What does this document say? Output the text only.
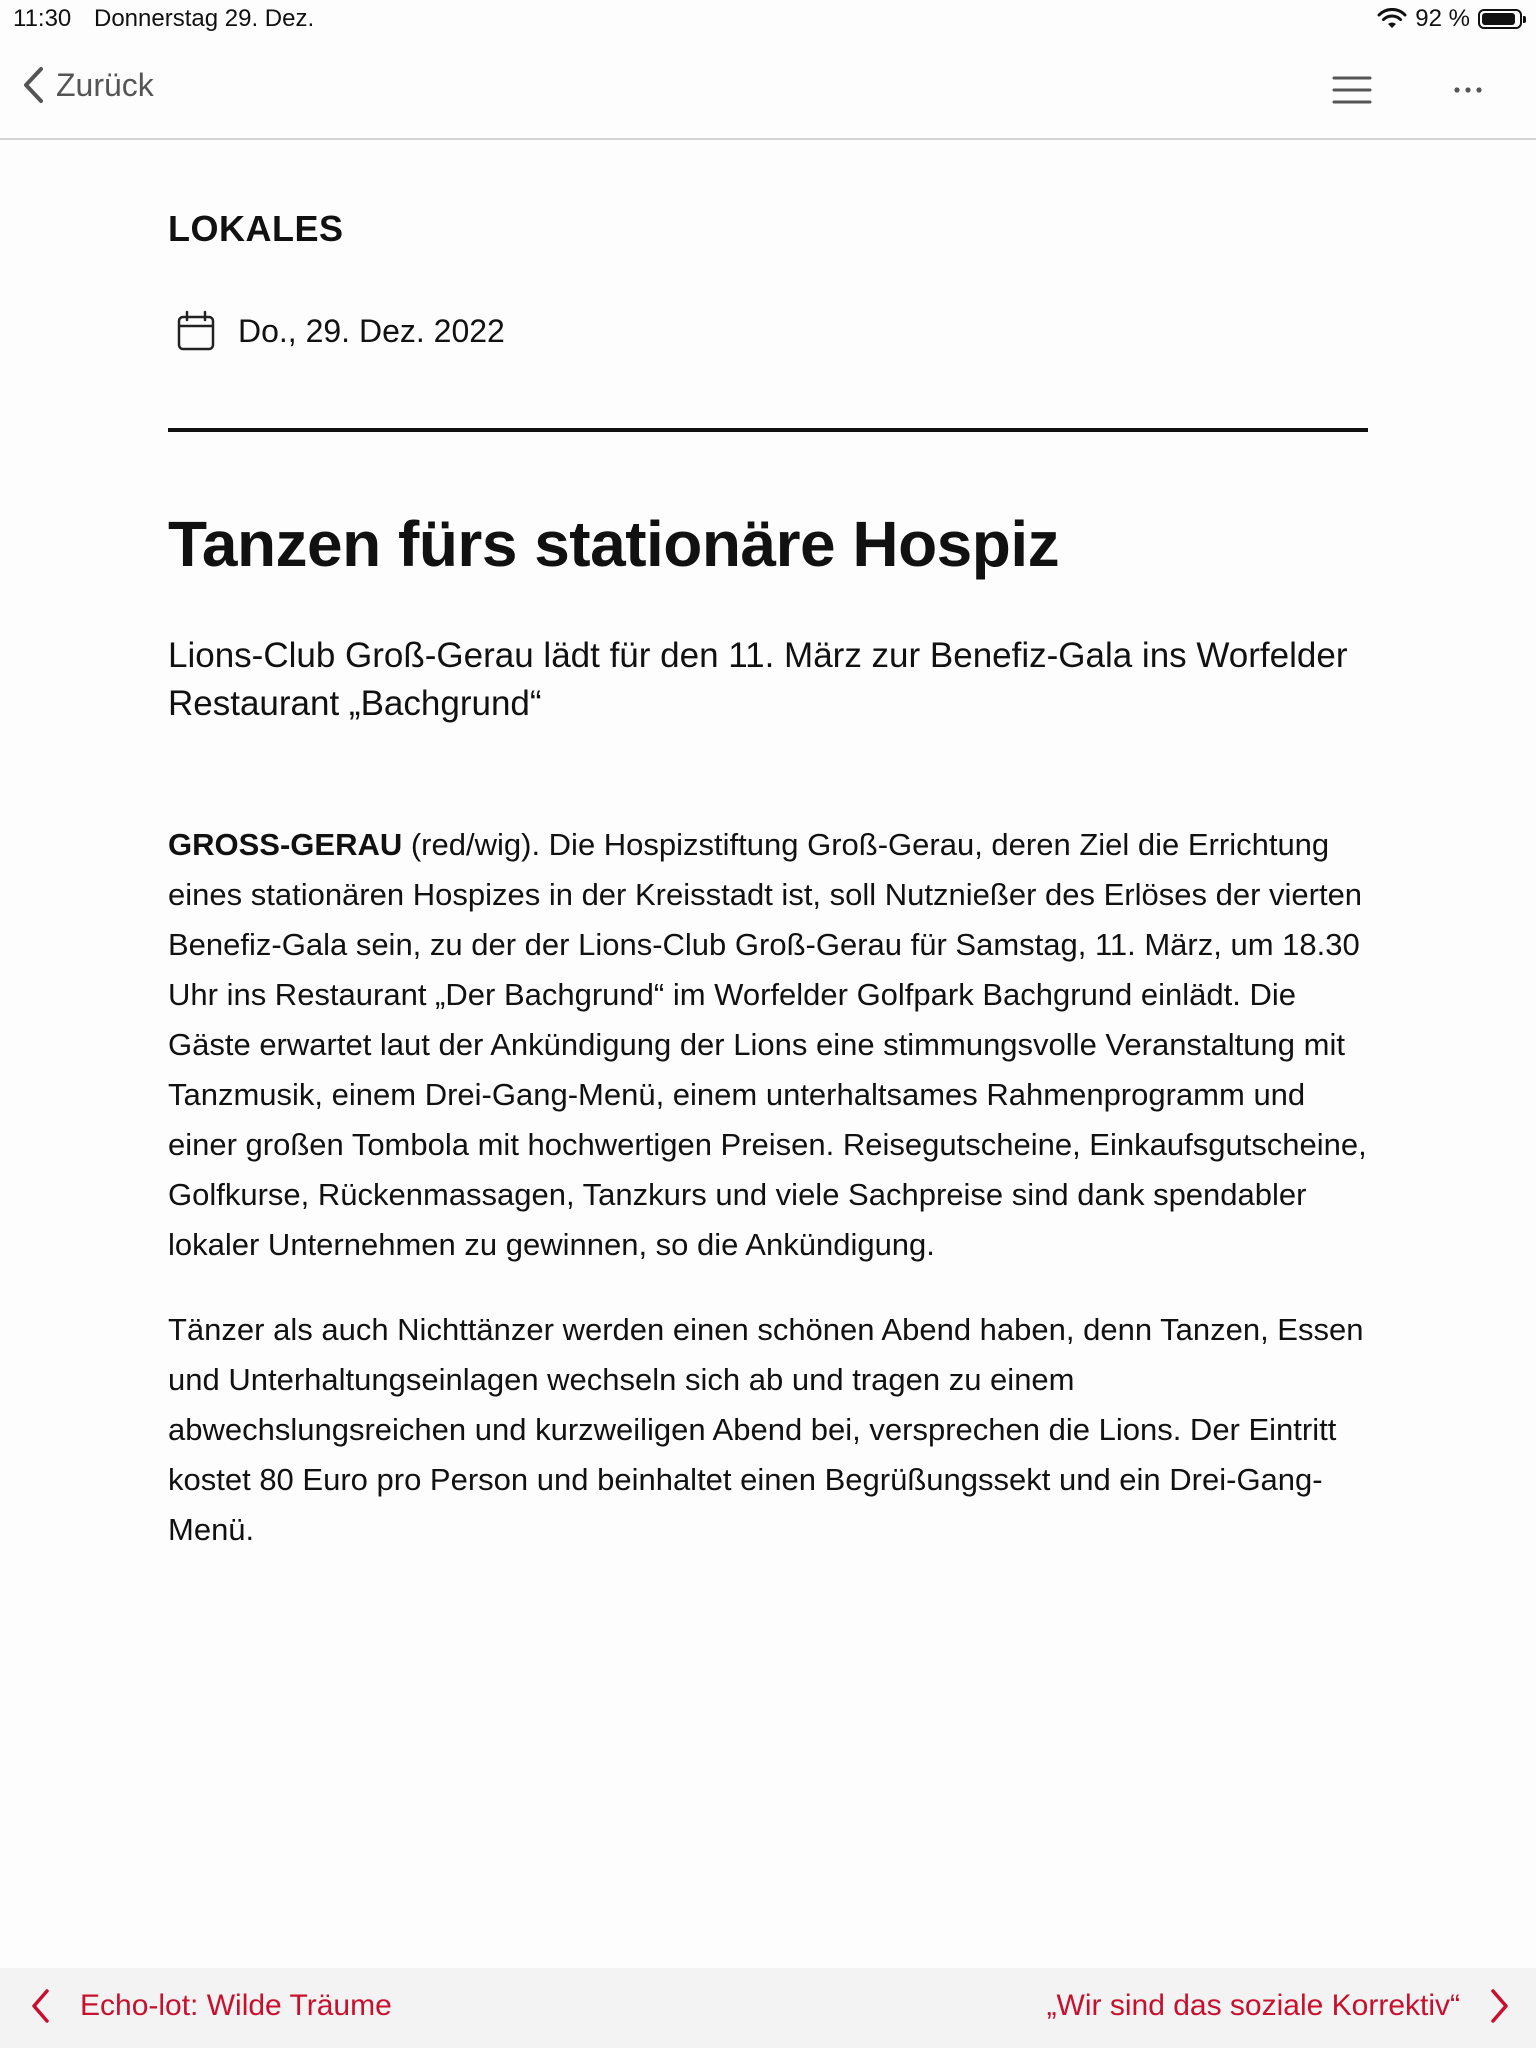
11:30 Donnerstag 29. Dez.	92 %
Zurück
LOKALES
Do., 29. Dez. 2022
Tanzen fürs stationäre Hospiz

Lions-Club Groß-Gerau lädt für den 11. März zur Benefiz-Gala ins Worfelder Restaurant „Bachgrund“

GROSS-GERAU (red/wig). Die Hospizstiftung Groß-Gerau, deren Ziel die Errichtung eines stationären Hospizes in der Kreisstadt ist, soll Nutznießer des Erlöses der vierten Benefiz-Gala sein, zu der der Lions-Club Groß-Gerau für Samstag, 11. März, um 18.30 Uhr ins Restaurant „Der Bachgrund“ im Worfelder Golfpark Bachgrund einlädt. Die Gäste erwartet laut der Ankündigung der Lions eine stimmungsvolle Veranstaltung mit Tanzmusik, einem Drei-Gang-Menü, einem unterhaltsames Rahmenprogramm und einer großen Tombola mit hochwertigen Preisen. Reisegutscheine, Einkaufsgutscheine, Golfkurse, Rückenmassagen, Tanzkurs und viele Sachpreise sind dank spendabler lokaler Unternehmen zu gewinnen, so die Ankündigung.

Tänzer als auch Nichttänzer werden einen schönen Abend haben, denn Tanzen, Essen und Unterhaltungseinlagen wechseln sich ab und tragen zu einem abwechslungsreichen und kurzweiligen Abend bei, versprechen die Lions. Der Eintritt kostet 80 Euro pro Person und beinhaltet einen Begrüßungssekt und ein Drei-Gang-Menü.

Echo-lot: Wilde Träume	„Wir sind das soziale Korrektiv“
